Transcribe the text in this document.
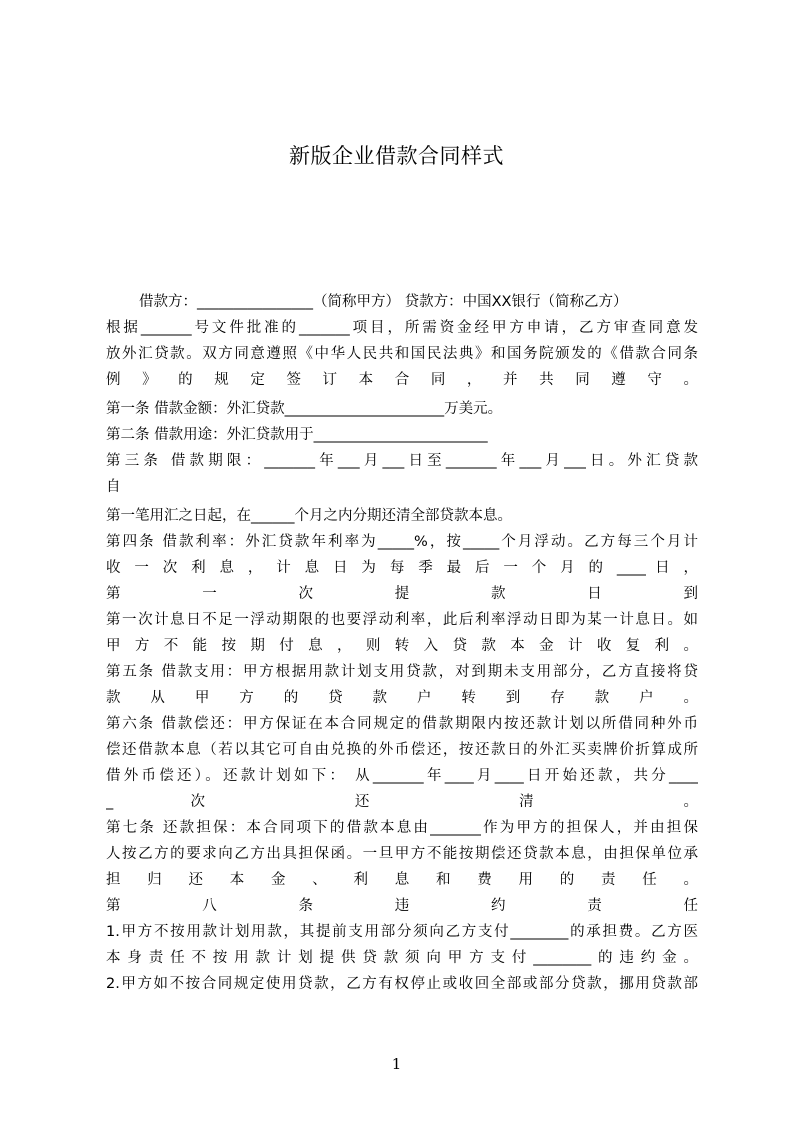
新版企业借款合同样式
借款方：________________（简称甲方） 贷款方：中国XX银行（简称乙方）
根据_______号文件批准的_______项目，所需资金经甲方申请，乙方审查同意发
放外汇贷款。双方同意遵照《中华人民共和国民法典》和国务院颁发的《借款合同条
例 》 的 规 定 签 订 本 合 同 ， 并 共 同 遵 守 。
第一条 借款金额：外汇贷款______________________万美元。
第二条 借款用途：外汇贷款用于________________________
第三条 借款期限：_______年___月___日至_______年___月___日。外汇贷款
自
第一笔用汇之日起，在______个月之内分期还清全部贷款本息。
第四条 借款利率：外汇贷款年利率为_____%，按_____个月浮动。乙方每三个月计
收 一 次 利 息 ， 计 息 日 为 每 季 最 后 一 个 月 的 ____ 日 ，
第 一 次 提 款 日 到
第一次计息日不足一浮动期限的也要浮动利率，此后利率浮动日即为某一计息日。如
甲 方 不 能 按 期 付 息 ， 则 转 入 贷 款 本 金 计 收 复 利 。
第五条 借款支用：甲方根据用款计划支用贷款，对到期未支用部分，乙方直接将贷
款 从 甲 方 的 贷 款 户 转 到 存 款 户 。
第六条 借款偿还：甲方保证在本合同规定的借款期限内按还款计划以所借同种外币
偿还借款本息（若以其它可自由兑换的外币偿还，按还款日的外汇买卖牌价折算成所
借外币偿还）。还款计划如下： 从_______年____月____日开始还款，共分____
_ 次 还 清 。
第七条 还款担保：本合同项下的借款本息由_______作为甲方的担保人，并由担保
人按乙方的要求向乙方出具担保函。一旦甲方不能按期偿还贷款本息，由担保单位承
担 归 还 本 金 、 利 息 和 费 用 的 责 任 。
第 八 条 违 约 责 任
1.甲方不按用款计划用款，其提前支用部分须向乙方支付________的承担费。乙方医
本身责任不按用款计划提供贷款须向甲方支付________的违约金。
2.甲方如不按合同规定使用贷款，乙方有权停止或收回全部或部分贷款，挪用贷款部
1
